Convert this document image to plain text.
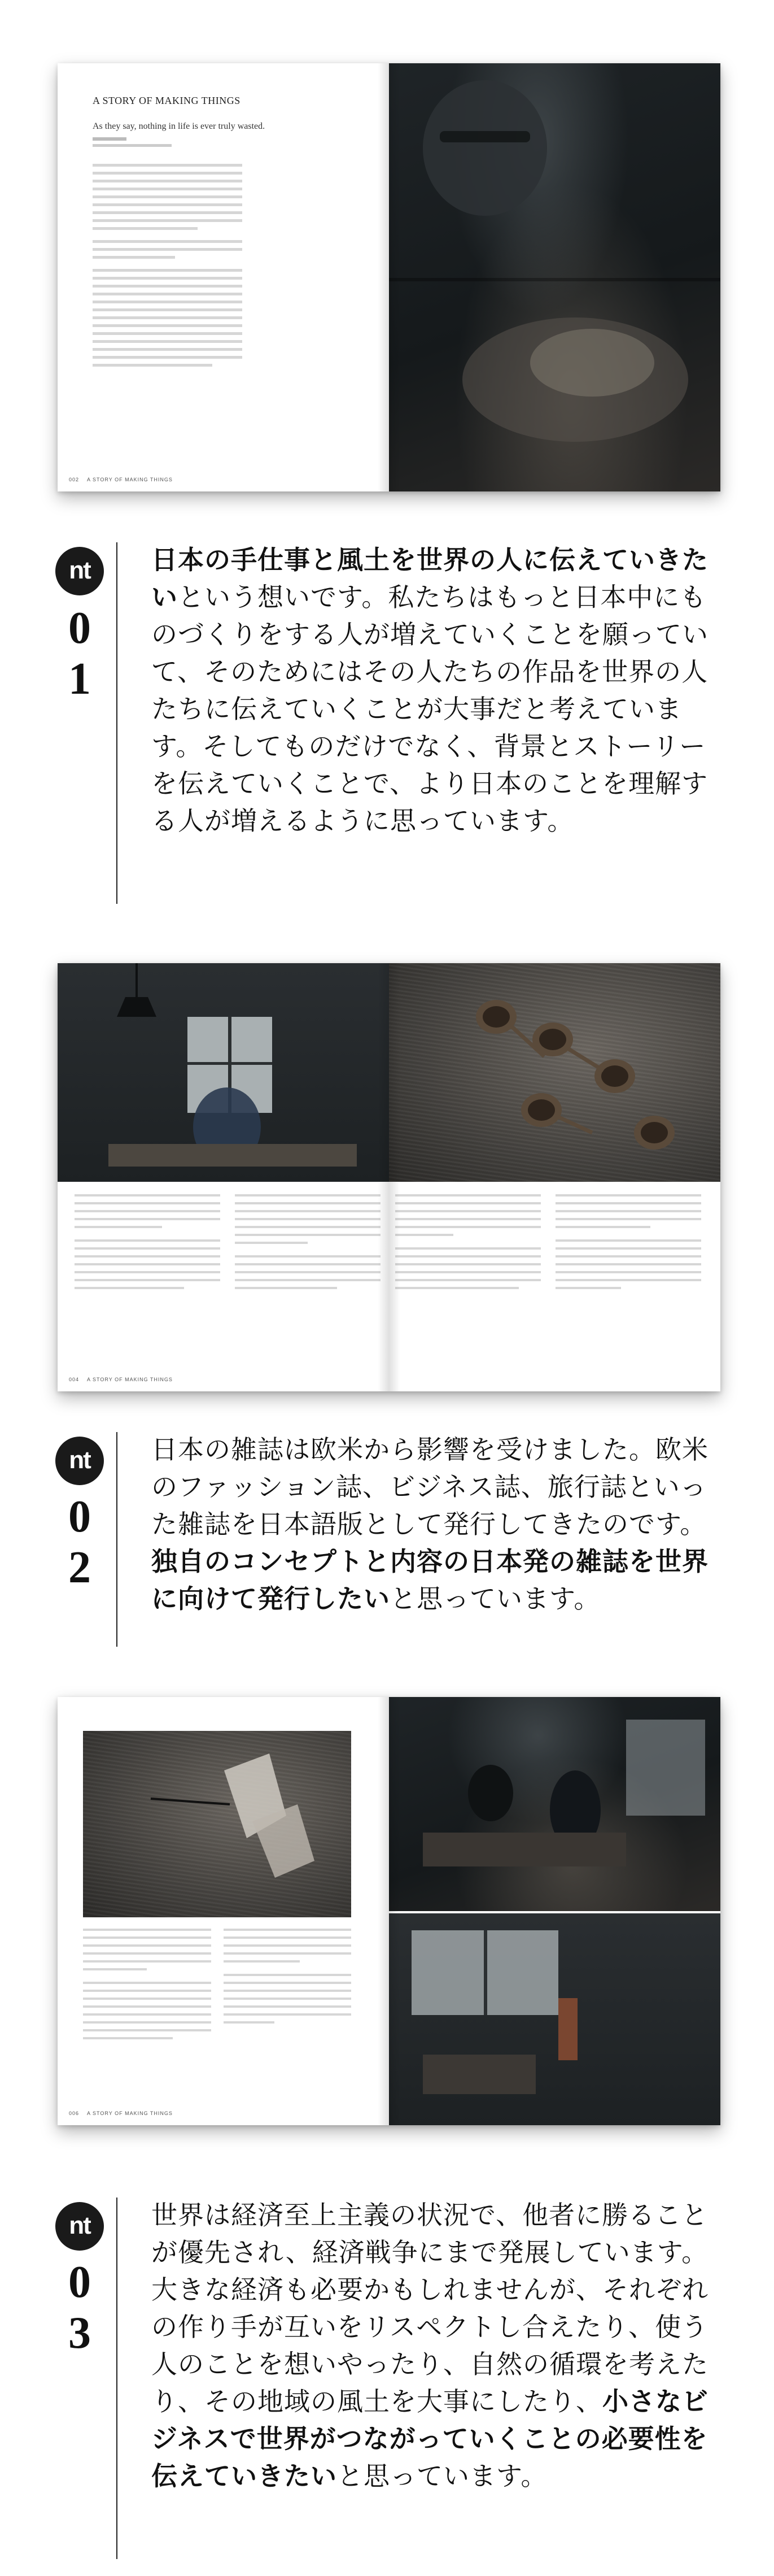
A STORY OF MAKING THINGS
As they say, nothing in life is ever truly wasted.
002 A STORY OF MAKING THINGS
nt
0
1
日本の手仕事と風土を世界の人に伝えていきたいという想いです。私たちはもっと日本中にものづくりをする人が増えていくことを願っていて、そのためにはその人たちの作品を世界の人たちに伝えていくことが大事だと考えています。そしてものだけでなく、背景とストーリーを伝えていくことで、より日本のことを理解する人が増えるように思っています。
004 A STORY OF MAKING THINGS
nt
0
2
日本の雑誌は欧米から影響を受けました。欧米のファッション誌、ビジネス誌、旅行誌といった雑誌を日本語版として発行してきたのです。独自のコンセプトと内容の日本発の雑誌を世界に向けて発行したいと思っています。
006 A STORY OF MAKING THINGS
nt
0
3
世界は経済至上主義の状況で、他者に勝ることが優先され、経済戦争にまで発展しています。大きな経済も必要かもしれませんが、それぞれの作り手が互いをリスペクトし合えたり、使う人のことを想いやったり、自然の循環を考えたり、その地域の風土を大事にしたり、小さなビジネスで世界がつながっていくことの必要性を伝えていきたいと思っています。
